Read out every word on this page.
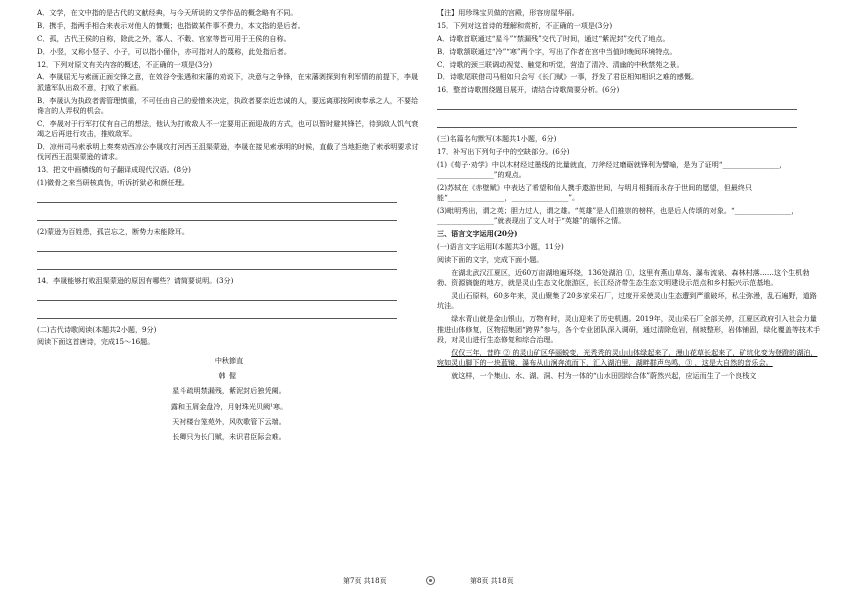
A．文学，在文中指的是古代的文献经典，与今天所说的文学作品的概念略有不同。

B．携手，指两手相合来表示对他人的慷慨；也指做某件事不费力，本文指的是后者。

C．孤，古代王侯的自称，除此之外，寡人、不穀、官家等皆可用于王侯的自称。

D．小竖，又称小竖子、小子，可以指小僮仆，亦可指对人的蔑称，此处指后者。

12．下列对原文有关内容的概述，不正确的一项是(3分)

A．李晟屈无与索画正面交锋之意，在效谷令张遇和宋藩的劝说下，决意与之争锋，在宋藩剥探到有利军情的前提下，李晟派遣军队出敌不意，打败了索画。

B．李晟认为执政者需管理慎重，不可任由自己的爱憎来决定，执政者要亲近忠诚的人，要远离那按阿谀奉承之人，不要给谗言的人弄权的机会。

C．李晟对于行军打仗有自己的想法，他认为打败敌人不一定要用正面迎战的方式，也可以暂时避其锋芒，待到敌人饥气衰竭之后再进行攻击，推败敌军。

D．凉州司马索承明上奏奏劝西凉公李晟攻打河西王沮渠蒙逊，李晟在接见索承明的时候，直截了当地拒绝了索承明要求讨伐河西王沮渠蒙逊的请求。

13．把文中画横线的句子翻译成现代汉语。(8分)

(1)微骨之来当研核真伪，听诉折狱必和颜任理。

(2)蒙逊为百姓患，孤岂忘之，断势力未能除耳。

14．李晟能够打败沮渠蒙逊的原因有哪些？请简要说明。(3分)

(二)古代诗歌阅读(本题共2小题，9分)

阅读下面这首唐诗，完成15～16题。

中秋節直

韩偓

星斗疏明禁漏残，紫泥封后独凭阑。

露和玉屑金盘冷，月射珠光贝阙¹寒。

天衬楼台笼苑外，风吹歌管下云端。

长卿只为长门赋，未识君臣际会难。

【注】用珍珠宝贝做的宫殿，形容房屋华丽。

15．下列对这首诗的理解和赏析，不正确的一项是(3分)

A．诗歌首联通过“星斗”“禁漏残”交代了时间，通过“紫泥封”交代了地点。

B．诗歌颔联通过“冷”“寒”两个字，写出了作者在宫中当值时晚间环境特点。

C．诗歌的颈三联调动视觉、触觉和听觉，营造了清冷、清幽的中秋禁苑之景。

D．诗歌尾联借司马相如只会写《长门赋》一事，抒发了君臣相知相识之难的感慨。

16．整首诗歌围绕题目展开，请结合诗歌简要分析。(6分)

(三)名篇名句默写(本题共1小题，6分)

17．补写出下列句子中的空缺部分。(6分)

(1)《荀子·劝学》中以木材经过墨线的比量就直，刀斧经过磨砺就锋利为譬喻，是为了证明“________________，________________”的观点。

(2)苏轼在《赤壁赋》中表达了希望和仙人携手遨游世间，与明月相拥而永存于世间的愿望，但最终只能“________________，________________”。

(3)毗明秀出，谓之英；胆力过人，谓之雄。“英雄”是人们推崇的榜样，也是后人传颂的对象。“________________，________________”就表现出了文人对于“英雄”的缅怀之情。

三、语言文字运用(20分)

(一)语言文字运用Ⅰ(本题共3小题，11分)

阅读下面的文字，完成下面小题。

在湖北武汉江夏区，近60万亩湖地遍环绕，136处湖泊 ①，这里有燕山草岛、瀑布流泉、森林村落……这个生机勃勃、资源旖旎的地方，就是灵山生态文化旅游区，长江经济带生态生态文明建设示范点和乡村振兴示范基地。

灵山石原料，60多年来，灵山聚集了20多家采石厂，过度开采使灵山生态遭到严重破坏，私尘弥漫，乱石遍野，道路坑洼。

绿水青山就是金山银山，万物有时，灵山迎来了历史机遇。2019年，灵山采石厂全部关停，江夏区政府引入社会力量推进山体修复，区物招集团“跨界”参与，各个专业团队深入调研，通过清除危岩，削坡整形，岩体铺固，绿化覆盖等技术手段，对灵山进行生态修复和综合治理。

仅仅三年，昔昨 ② 的灵山矿区华丽蜕变，光秃秃的灵山山体绿起来了，漫山花草长起来了，矿坑化变为登蹬的湖泊，宛如灵山脚下的一块蓝镜，瀑布从山涧奔流而下，汇入湖泊里，湖畔群声鸟鸣，③ ，这是大自然的音乐会。

就这样，一个集山、水、湖、洞、村为一体的“山水田园综合体”蔚然兴起，应运而生了一个良栈文

第7页 共18页	第8页 共18页
